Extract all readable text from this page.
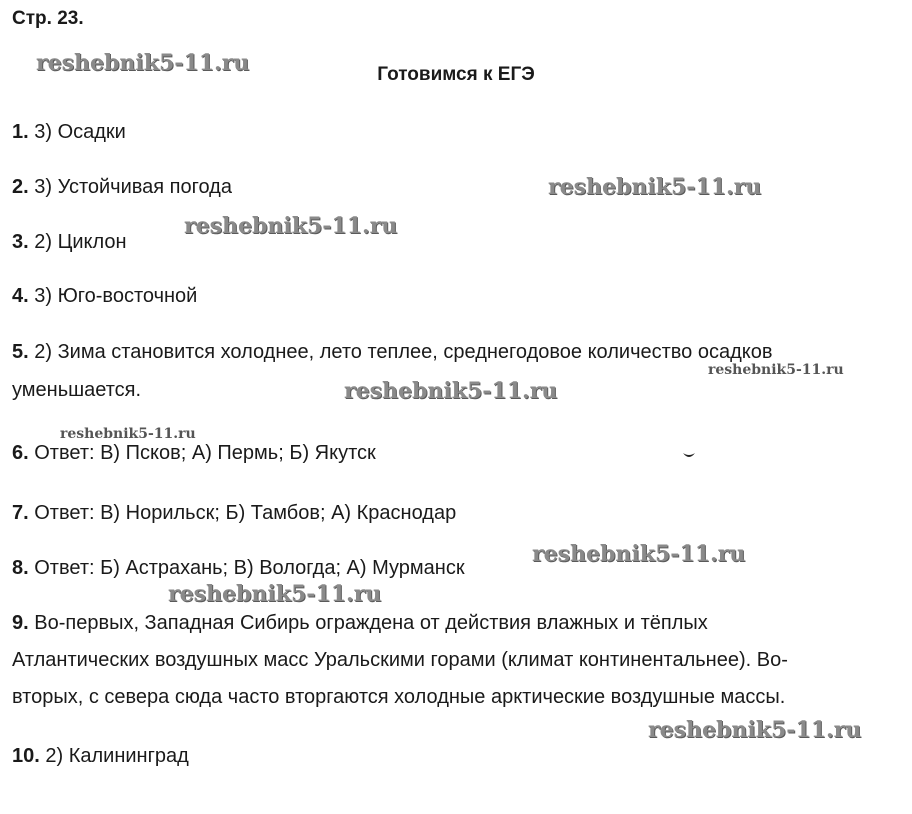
Стр. 23.
reshebnik5-11.ru	Готовимся к ЕГЭ
1. 3) Осадки
2. 3) Устойчивая погода	reshebnik5-11.ru
3. 2) Циклон
reshebnik5-11.ru
4. 3) Юго-восточной
5. 2) Зима становится холоднее, лето теплее, среднегодовое количество осадков
уменьшается.
reshebnik5-11.ru
reshebnik5-11.ru
reshebnik5-11.ru
6. Ответ: В) Псков; А) Пермь; Б) Якутск
7. Ответ: В) Норильск; Б) Тамбов; А) Краснодар
8. Ответ: Б) Астрахань; В) Вологда; А) Мурманск
reshebnik5-11.ru
reshebnik5-11.ru
9. Во-первых, Западная Сибирь ограждена от действия влажных и тёплых
Атлантических воздушных масс Уральскими горами (климат континентальнее). Во-
вторых, с севера сюда часто вторгаются холодные арктические воздушные массы.
reshebnik5-11.ru
10. 2) Калининград
